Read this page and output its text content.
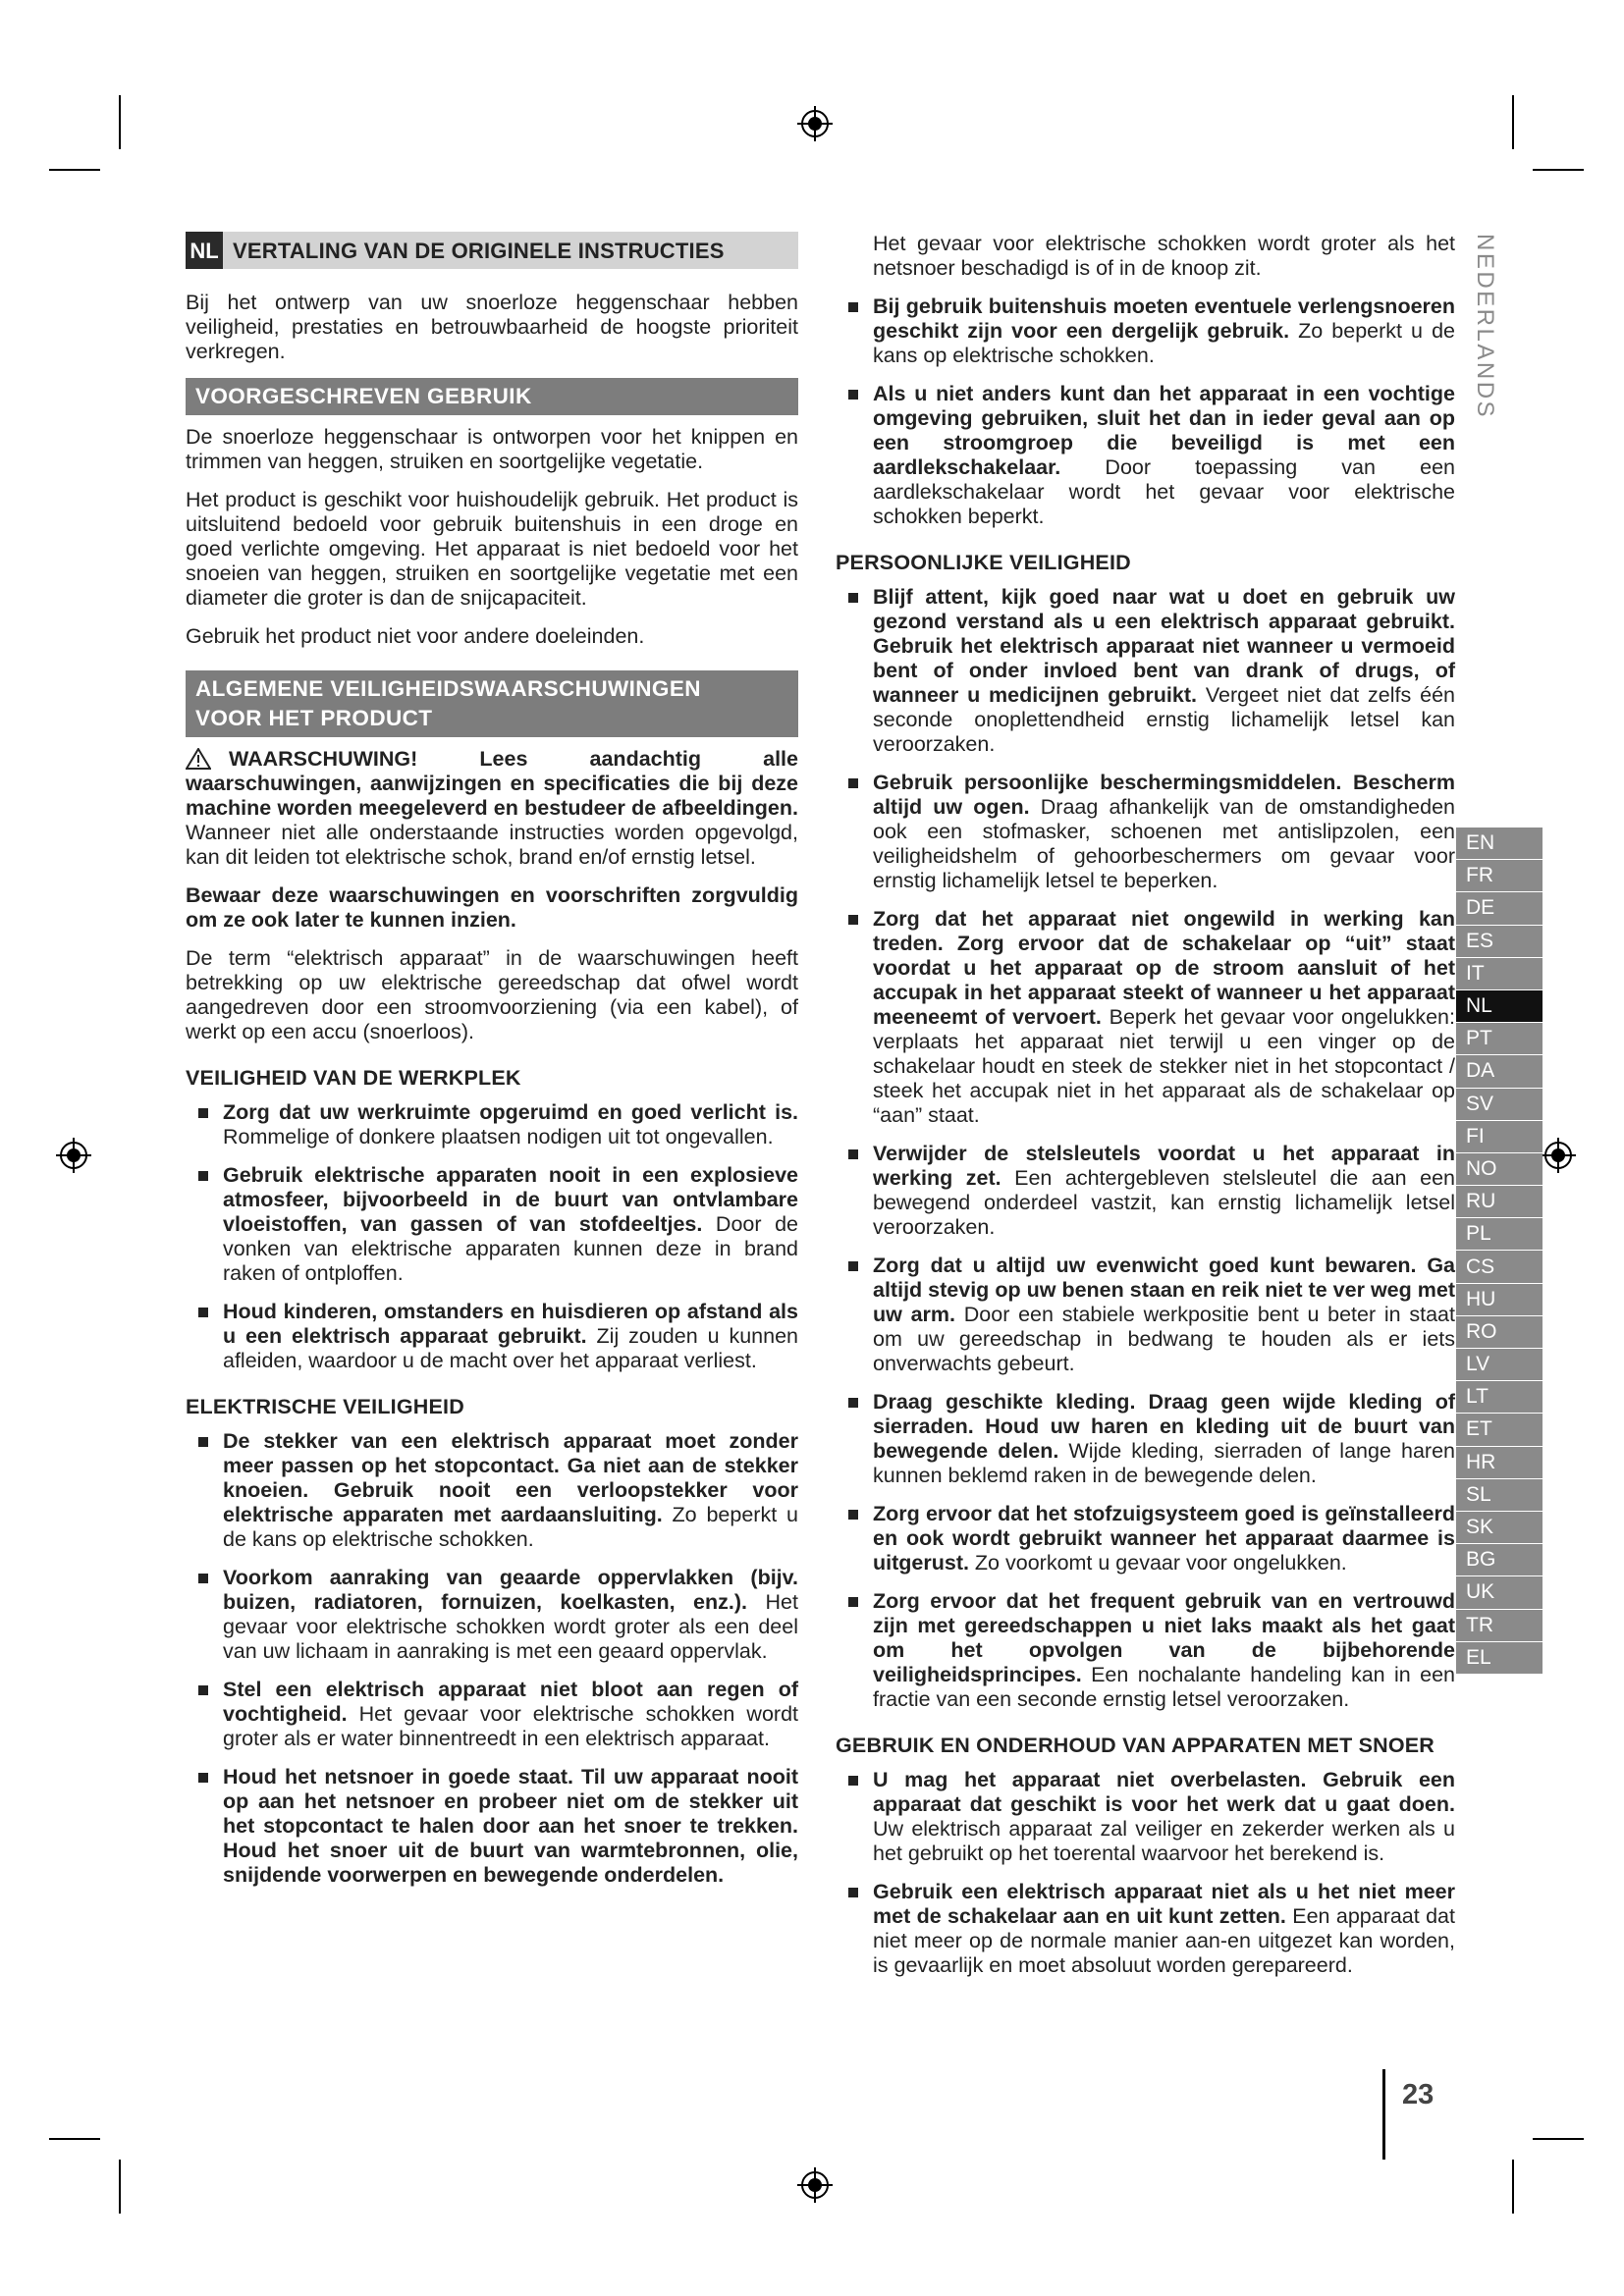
NL VERTALING VAN DE ORIGINELE INSTRUCTIES

Bij het ontwerp van uw snoerloze heggenschaar hebben veiligheid, prestaties en betrouwbaarheid de hoogste prioriteit verkregen.

VOORGESCHREVEN GEBRUIK

De snoerloze heggenschaar is ontworpen voor het knippen en trimmen van heggen, struiken en soortgelijke vegetatie.

Het product is geschikt voor huishoudelijk gebruik. Het product is uitsluitend bedoeld voor gebruik buitenshuis in een droge en goed verlichte omgeving. Het apparaat is niet bedoeld voor het snoeien van heggen, struiken en soortgelijke vegetatie met een diameter die groter is dan de snijcapaciteit.

Gebruik het product niet voor andere doeleinden.

ALGEMENE VEILIGHEIDSWAARSCHUWINGEN
VOOR HET PRODUCT

WAARSCHUWING! Lees aandachtig alle waarschuwingen, aanwijzingen en specificaties die bij deze machine worden meegeleverd en bestudeer de afbeeldingen. Wanneer niet alle onderstaande instructies worden opgevolgd, kan dit leiden tot elektrische schok, brand en/of ernstig letsel.

Bewaar deze waarschuwingen en voorschriften zorgvuldig om ze ook later te kunnen inzien.

De term “elektrisch apparaat” in de waarschuwingen heeft betrekking op uw elektrische gereedschap dat ofwel wordt aangedreven door een stroomvoorziening (via een kabel), of werkt op een accu (snoerloos).

VEILIGHEID VAN DE WERKPLEK
Zorg dat uw werkruimte opgeruimd en goed verlicht is. Rommelige of donkere plaatsen nodigen uit tot ongevallen.
Gebruik elektrische apparaten nooit in een explosieve atmosfeer, bijvoorbeeld in de buurt van ontvlambare vloeistoffen, van gassen of van stofdeeltjes. Door de vonken van elektrische apparaten kunnen deze in brand raken of ontploffen.
Houd kinderen, omstanders en huisdieren op afstand als u een elektrisch apparaat gebruikt. Zij zouden u kunnen afleiden, waardoor u de macht over het apparaat verliest.
ELEKTRISCHE VEILIGHEID
De stekker van een elektrisch apparaat moet zonder meer passen op het stopcontact. Ga niet aan de stekker knoeien. Gebruik nooit een verloopstekker voor elektrische apparaten met aardaansluiting. Zo beperkt u de kans op elektrische schokken.
Voorkom aanraking van geaarde oppervlakken (bijv. buizen, radiatoren, fornuizen, koelkasten, enz.). Het gevaar voor elektrische schokken wordt groter als een deel van uw lichaam in aanraking is met een geaard oppervlak.
Stel een elektrisch apparaat niet bloot aan regen of vochtigheid. Het gevaar voor elektrische schokken wordt groter als er water binnentreedt in een elektrisch apparaat.
Houd het netsnoer in goede staat. Til uw apparaat nooit op aan het netsnoer en probeer niet om de stekker uit het stopcontact te halen door aan het snoer te trekken. Houd het snoer uit de buurt van warmtebronnen, olie, snijdende voorwerpen en bewegende onderdelen.
Het gevaar voor elektrische schokken wordt groter als het netsnoer beschadigd is of in de knoop zit.
Bij gebruik buitenshuis moeten eventuele verlengsnoeren geschikt zijn voor een dergelijk gebruik. Zo beperkt u de kans op elektrische schokken.
Als u niet anders kunt dan het apparaat in een vochtige omgeving gebruiken, sluit het dan in ieder geval aan op een stroomgroep die beveiligd is met een aardlekschakelaar. Door toepassing van een aardlekschakelaar wordt het gevaar voor elektrische schokken beperkt.
PERSOONLIJKE VEILIGHEID
Blijf attent, kijk goed naar wat u doet en gebruik uw gezond verstand als u een elektrisch apparaat gebruikt. Gebruik het elektrisch apparaat niet wanneer u vermoeid bent of onder invloed bent van drank of drugs, of wanneer u medicijnen gebruikt. Vergeet niet dat zelfs één seconde onoplettendheid ernstig lichamelijk letsel kan veroorzaken.
Gebruik persoonlijke beschermingsmiddelen. Bescherm altijd uw ogen. Draag afhankelijk van de omstandigheden ook een stofmasker, schoenen met antislipzolen, een veiligheidshelm of gehoorbeschermers om gevaar voor ernstig lichamelijk letsel te beperken.
Zorg dat het apparaat niet ongewild in werking kan treden. Zorg ervoor dat de schakelaar op “uit” staat voordat u het apparaat op de stroom aansluit of het accupak in het apparaat steekt of wanneer u het apparaat meeneemt of vervoert. Beperk het gevaar voor ongelukken: verplaats het apparaat niet terwijl u een vinger op de schakelaar houdt en steek de stekker niet in het stopcontact / steek het accupak niet in het apparaat als de schakelaar op “aan” staat.
Verwijder de stelsleutels voordat u het apparaat in werking zet. Een achtergebleven stelsleutel die aan een bewegend onderdeel vastzit, kan ernstig lichamelijk letsel veroorzaken.
Zorg dat u altijd uw evenwicht goed kunt bewaren. Ga altijd stevig op uw benen staan en reik niet te ver weg met uw arm. Door een stabiele werkpositie bent u beter in staat om uw gereedschap in bedwang te houden als er iets onverwachts gebeurt.
Draag geschikte kleding. Draag geen wijde kleding of sierraden. Houd uw haren en kleding uit de buurt van bewegende delen. Wijde kleding, sierraden of lange haren kunnen beklemd raken in de bewegende delen.
Zorg ervoor dat het stofzuigsysteem goed is geïnstalleerd en ook wordt gebruikt wanneer het apparaat daarmee is uitgerust. Zo voorkomt u gevaar voor ongelukken.
Zorg ervoor dat het frequent gebruik van en vertrouwd zijn met gereedschappen u niet laks maakt als het gaat om het opvolgen van de bijbehorende veiligheidsprincipes. Een nochalante handeling kan in een fractie van een seconde ernstig letsel veroorzaken.
GEBRUIK EN ONDERHOUD VAN APPARATEN MET SNOER
U mag het apparaat niet overbelasten. Gebruik een apparaat dat geschikt is voor het werk dat u gaat doen. Uw elektrisch apparaat zal veiliger en zekerder werken als u het gebruikt op het toerental waarvoor het berekend is.
Gebruik een elektrisch apparaat niet als u het niet meer met de schakelaar aan en uit kunt zetten. Een apparaat dat niet meer op de normale manier aan-en uitgezet kan worden, is gevaarlijk en moet absoluut worden gerepareerd.
NEDERLANDS
EN
FR
DE
ES
IT
NL
PT
DA
SV
FI
NO
RU
PL
CS
HU
RO
LV
LT
ET
HR
SL
SK
BG
UK
TR
EL
23
